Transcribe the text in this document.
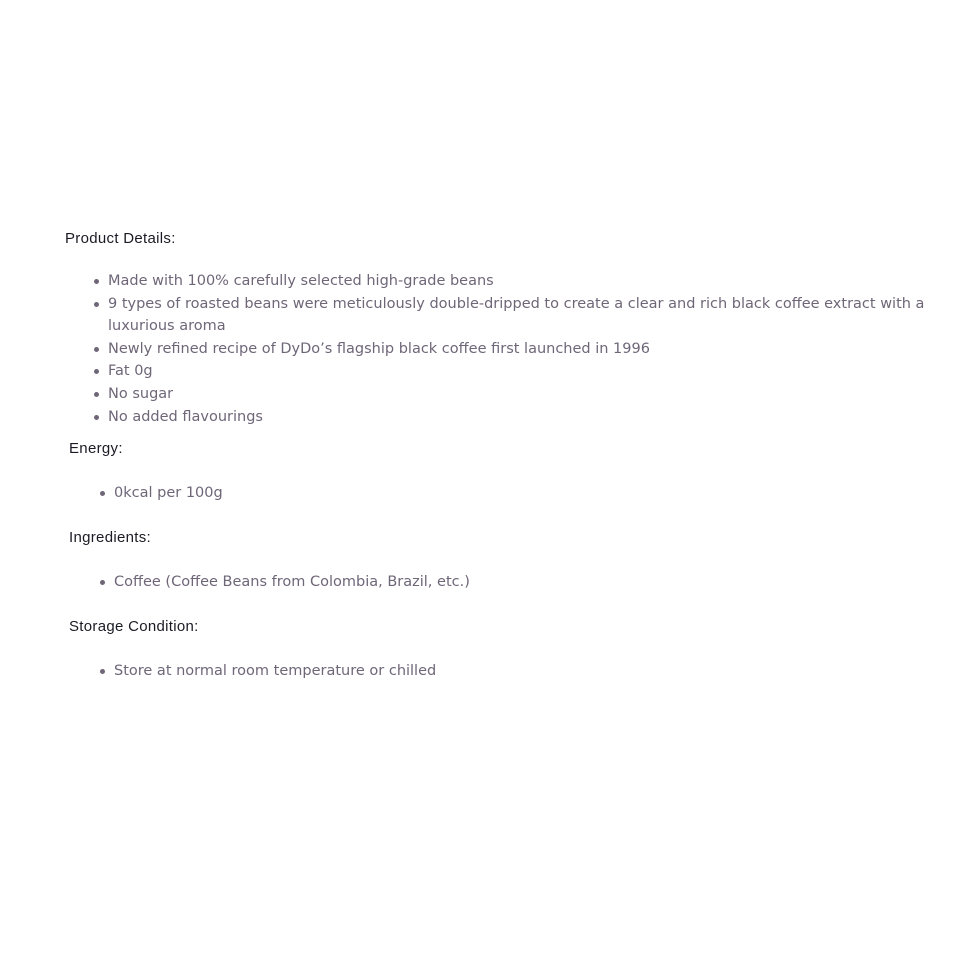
Product Details:
Made with 100% carefully selected high-grade beans
9 types of roasted beans were meticulously double-dripped to create a clear and rich black coffee extract with a luxurious aroma
Newly refined recipe of DyDo’s flagship black coffee first launched in 1996
Fat 0g
No sugar
No added flavourings
Energy:
0kcal per 100g
Ingredients:
Coffee (Coffee Beans from Colombia, Brazil, etc.)
Storage Condition:
Store at normal room temperature or chilled
